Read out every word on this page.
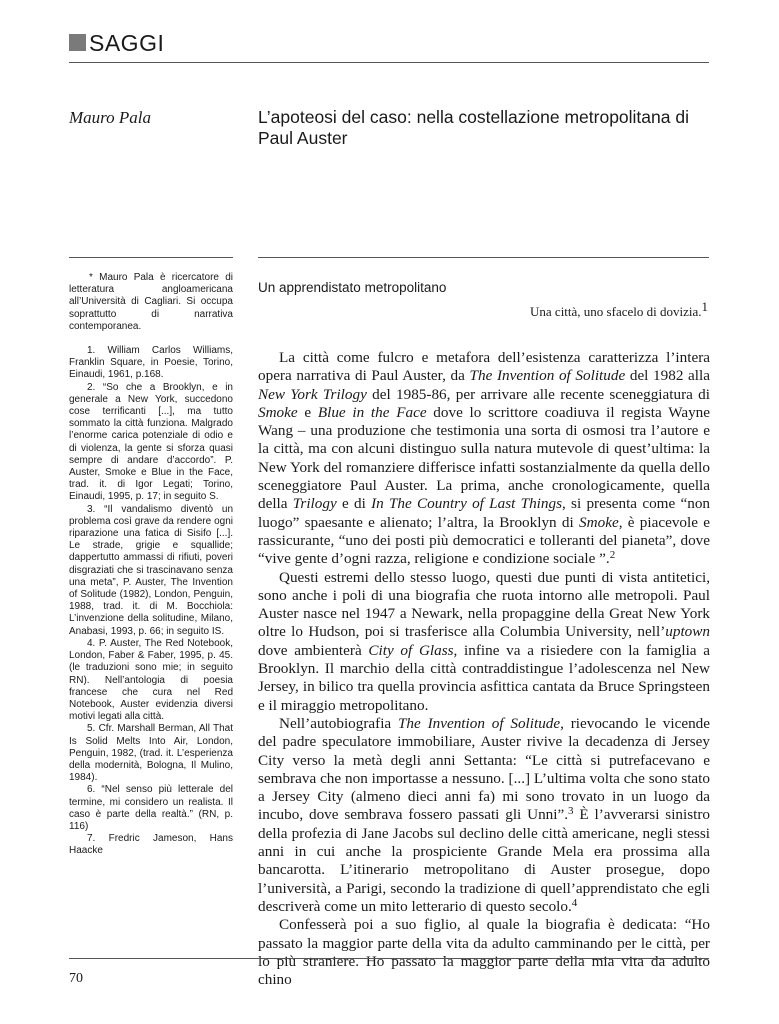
SAGGI
Mauro Pala	L’apoteosi del caso: nella costellazione metropolitana di Paul Auster

* Mauro Pala è ricercatore di letteratura angloamericana all’Università di Cagliari. Si occupa soprattutto di narrativa contemporanea.

1. William Carlos Williams, Franklin Square, in Poesie, Torino, Einaudi, 1961, p.168.

2. “So che a Brooklyn, e in generale a New York, succedono cose terrificanti [...], ma tutto sommato la città funziona. Malgrado l’enorme carica potenziale di odio e di violenza, la gente si sforza quasi sempre di andare d’accordo”. P. Auster, Smoke e Blue in the Face, trad. it. di Igor Legati; Torino, Einaudi, 1995, p. 17; in seguito S.

3. “Il vandalismo diventò un problema così grave da rendere ogni riparazione una fatica di Sisifo [...]. Le strade, grigie e squallide; dappertutto ammassi di rifiuti, poveri disgraziati che si trascinavano senza una meta”, P. Auster, The Invention of Solitude (1982), London, Penguin, 1988, trad. it. di M. Bocchiola: L’invenzione della solitudine, Milano, Anabasi, 1993, p. 66; in seguito IS.

4. P. Auster, The Red Notebook, London, Faber & Faber, 1995, p. 45. (le traduzioni sono mie; in seguito RN). Nell’antologia di poesia francese che cura nel Red Notebook, Auster evidenzia diversi motivi legati alla città.

5. Cfr. Marshall Berman, All That Is Solid Melts Into Air, London, Penguin, 1982, (trad. it. L’esperienza della modernità, Bologna, Il Mulino, 1984).

6. “Nel senso più letterale del termine, mi considero un realista. Il caso è parte della realtà.” (RN, p. 116)

7. Fredric Jameson, Hans Haacke

Un apprendistato metropolitano
Una città, uno sfacelo di dovizia.$^1$

La città come fulcro e metafora dell’esistenza caratterizza l’intera opera narrativa di Paul Auster, da The Invention of Solitude del 1982 alla New York Trilogy del 1985-86, per arrivare alle recente sceneggiatura di Smoke e Blue in the Face dove lo scrittore coadiuva il regista Wayne Wang – una produzione che testimonia una sorta di osmosi tra l’autore e la città, ma con alcuni distinguo sulla natura mutevole di quest’ultima: la New York del romanziere differisce infatti sostanzialmente da quella dello sceneggiatore Paul Auster. La prima, anche cronologicamente, quella della Trilogy e di In The Country of Last Things, si presenta come “non luogo” spaesante e alienato; l’altra, la Brooklyn di Smoke, è piacevole e rassicurante, “uno dei posti più democratici e tolleranti del pianeta”, dove “vive gente d’ogni razza, religione e condizione sociale ”.$^2$

Questi estremi dello stesso luogo, questi due punti di vista antitetici, sono anche i poli di una biografia che ruota intorno alle metropoli. Paul Auster nasce nel 1947 a Newark, nella propaggine della Great New York oltre lo Hudson, poi si trasferisce alla Columbia University, nell’uptown dove ambienterà City of Glass, infine va a risiedere con la famiglia a Brooklyn. Il marchio della città contraddistingue l’adolescenza nel New Jersey, in bilico tra quella provincia asfittica cantata da Bruce Springsteen e il miraggio metropolitano.

Nell’autobiografia The Invention of Solitude, rievocando le vicende del padre speculatore immobiliare, Auster rivive la decadenza di Jersey City verso la metà degli anni Settanta: “Le città si putrefacevano e sembrava che non importasse a nessuno. [...] L’ultima volta che sono stato a Jersey City (almeno dieci anni fa) mi sono trovato in un luogo da incubo, dove sembrava fossero passati gli Unni”.$^3$ È l’avverarsi sinistro della profezia di Jane Jacobs sul declino delle città americane, negli stessi anni in cui anche la prospiciente Grande Mela era prossima alla bancarotta. L’itinerario metropolitano di Auster prosegue, dopo l’università, a Parigi, secondo la tradizione di quell’apprendistato che egli descriverà come un mito letterario di questo secolo.$^4$

Confesserà poi a suo figlio, al quale la biografia è dedicata: “Ho passato la maggior parte della vita da adulto camminando per le città, per lo più straniere. Ho passato la maggior parte della mia vita da adulto chino

70
